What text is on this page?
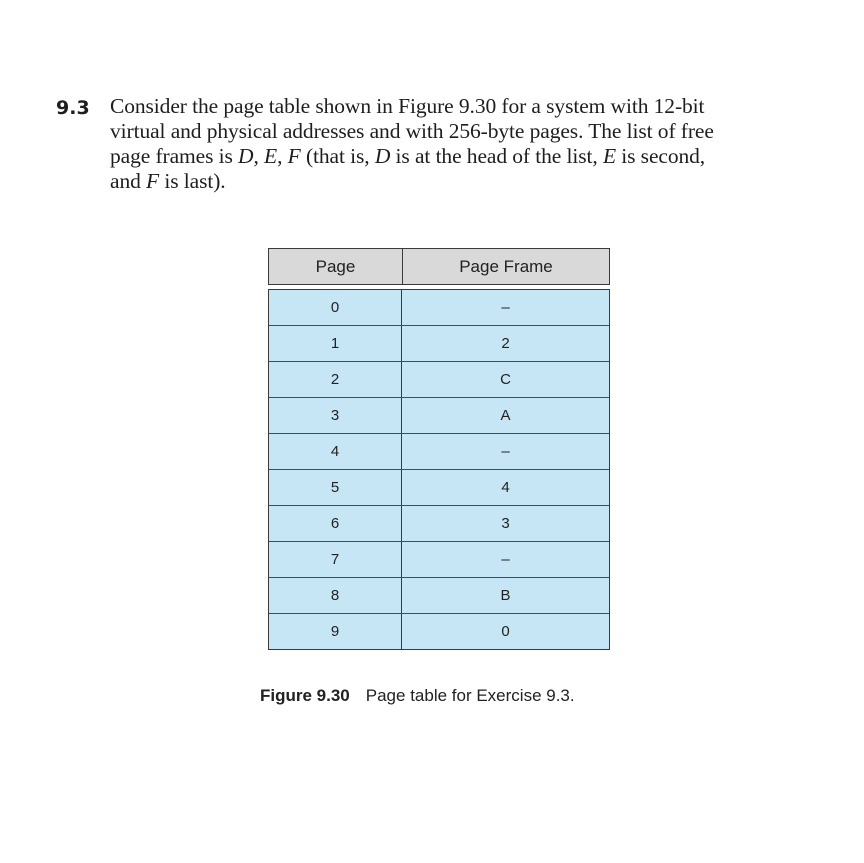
9.3 Consider the page table shown in Figure 9.30 for a system with 12-bit
virtual and physical addresses and with 256-byte pages. The list of free
page frames is D, E, F (that is, D is at the head of the list, E is second,
and F is last).
Page	Page Frame
0	–
1	2
2	C
3	A
4	–
5	4
6	3
7	–
8	B
9	0
Figure 9.30 Page table for Exercise 9.3.
